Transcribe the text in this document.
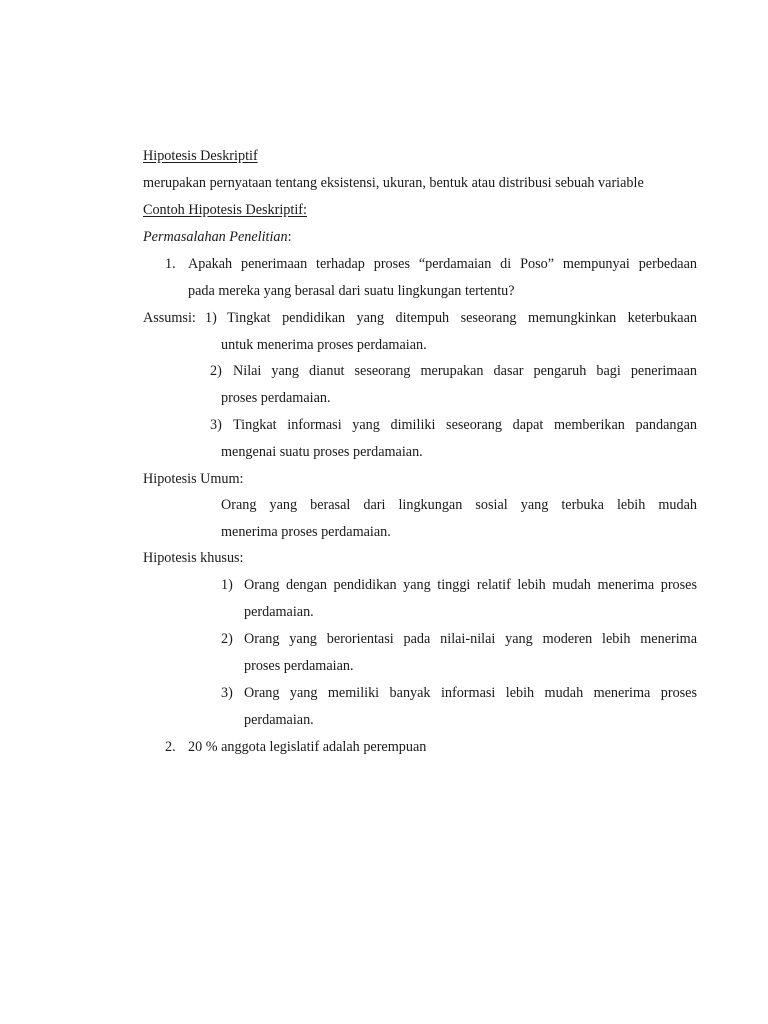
Hipotesis Deskriptif
merupakan pernyataan tentang eksistensi, ukuran, bentuk atau distribusi sebuah variable
Contoh Hipotesis Deskriptif:
Permasalahan Penelitian:
1. Apakah penerimaan terhadap proses “perdamaian di Poso” mempunyai perbedaan
pada mereka yang berasal dari suatu lingkungan tertentu?
Assumsi: 1) Tingkat pendidikan yang ditempuh seseorang memungkinkan keterbukaan
untuk menerima proses perdamaian.
2) Nilai yang dianut seseorang merupakan dasar pengaruh bagi penerimaan
proses perdamaian.
3) Tingkat informasi yang dimiliki seseorang dapat memberikan pandangan
mengenai suatu proses perdamaian.
Hipotesis Umum:
Orang yang berasal dari lingkungan sosial yang terbuka lebih mudah
menerima proses perdamaian.
Hipotesis khusus:
1) Orang dengan pendidikan yang tinggi relatif lebih mudah menerima proses
perdamaian.
2) Orang yang berorientasi pada nilai-nilai yang moderen lebih menerima
proses perdamaian.
3) Orang yang memiliki banyak informasi lebih mudah menerima proses
perdamaian.
2. 20 % anggota legislatif adalah perempuan
